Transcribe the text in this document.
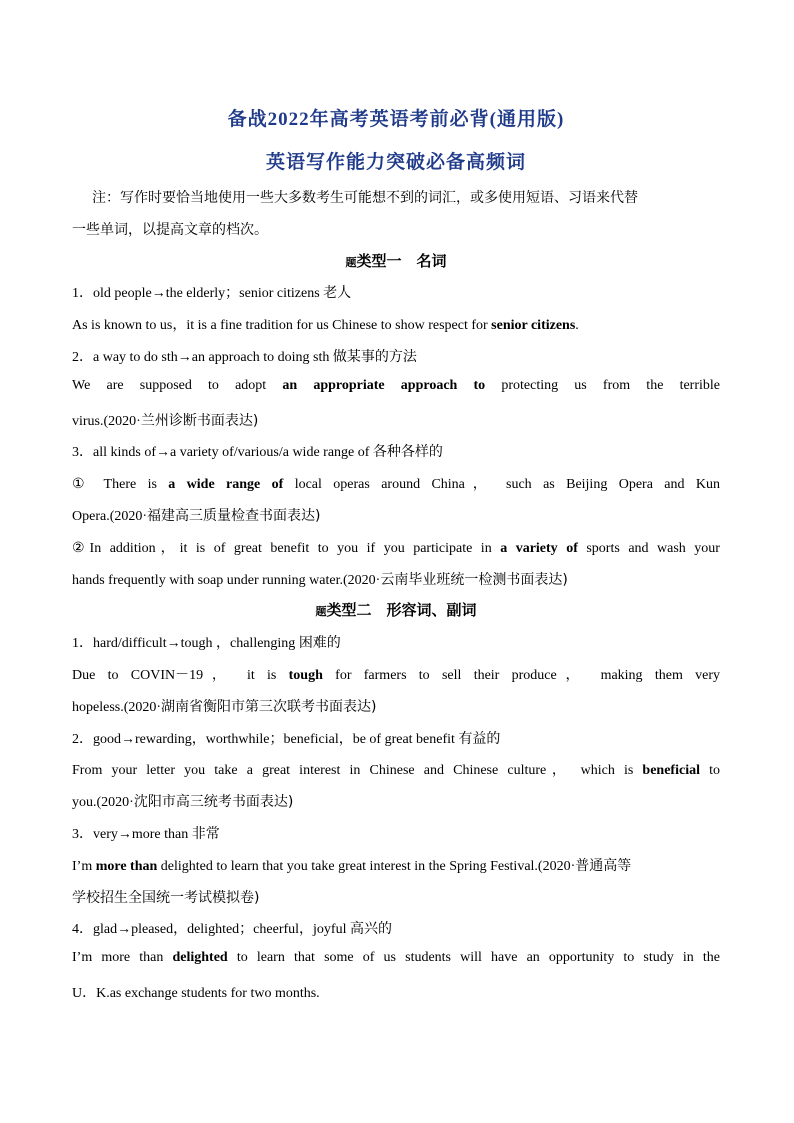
备战2022年高考英语考前必背(通用版)
英语写作能力突破必备高频词
注：写作时要恰当地使用一些大多数考生可能想不到的词汇，或多使用短语、习语来代替
一些单词，以提高文章的档次。
题类型一　名词
1．old people→the elderly；senior citizens 老人
As is known to us，it is a fine tradition for us Chinese to show respect for senior citizens.
2．a way to do sth→an approach to doing sth 做某事的方法
We are supposed to adopt an appropriate approach to protecting us from the terrible
virus.(2020·兰州诊断书面表达)
3．all kinds of→a variety of/various/a wide range of 各种各样的
① There is a wide range of local operas around China， such as Beijing Opera and Kun
Opera.(2020·福建高三质量检查书面表达)
②In addition，it is of great benefit to you if you participate in a variety of sports and wash your
hands frequently with soap under running water.(2020·云南毕业班统一检测书面表达)
题类型二　形容词、副词
1．hard/difficult→tough ，challenging 困难的
Due to COVIN－19， it is tough for farmers to sell their produce， making them very
hopeless.(2020·湖南省衡阳市第三次联考书面表达)
2．good→rewarding，worthwhile；beneficial，be of great benefit 有益的
From your letter you take a great interest in Chinese and Chinese culture， which is beneficial to
you.(2020·沈阳市高三统考书面表达)
3．very→more than 非常
I’m more than delighted to learn that you take great interest in the Spring Festival.(2020·普通高等
学校招生全国统一考试模拟卷)
4．glad→pleased，delighted；cheerful，joyful 高兴的
I’m more than delighted to learn that some of us students will have an opportunity to study in the
U．K.as exchange students for two months.
